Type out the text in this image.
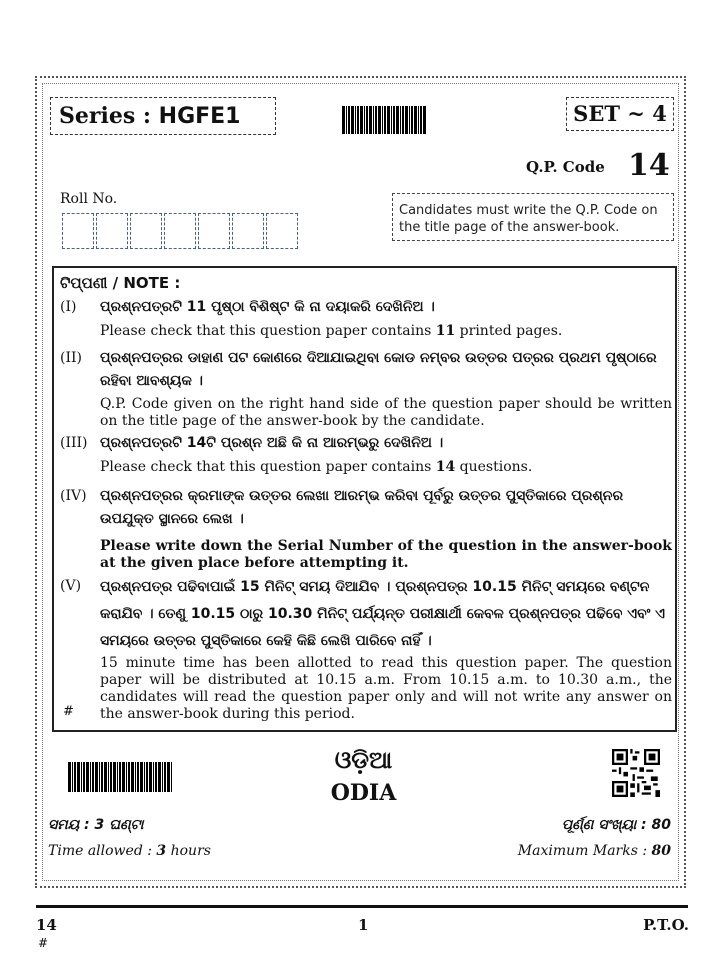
Series : HGFE1	SET ~ 4
Q.P. Code 14
Roll No.
Candidates must write the Q.P. Code on the title page of the answer-book.
ଟିପ୍ପଣୀ / NOTE :
(I) ପ୍ରଶ୍ନପତ୍ରଟି 11 ପୃଷ୍ଠା ବିଶିଷ୍ଟ କି ନା ଦୟାକରି ଦେଖିନିଅ ।
Please check that this question paper contains 11 printed pages.
(II) ପ୍ରଶ୍ନପତ୍ରର ଡାହାଣ ପଟ କୋଣରେ ଦିଆଯାଇଥିବା କୋଡ ନମ୍ବର ଉତ୍ତର ପତ୍ରର ପ୍ରଥମ ପୃଷ୍ଠାରେ ରହିବା ଆବଶ୍ୟକ ।
Q.P. Code given on the right hand side of the question paper should be written on the title page of the answer-book by the candidate.
(III) ପ୍ରଶ୍ନପତ୍ରଟି 14ଟି ପ୍ରଶ୍ନ ଅଛି କି ନା ଆରମ୍ଭରୁ ଦେଖିନିଅ ।
Please check that this question paper contains 14 questions.
(IV) ପ୍ରଶ୍ନପତ୍ରର କ୍ରମାଙ୍କ ଉତ୍ତର ଲେଖା ଆରମ୍ଭ କରିବା ପୂର୍ବରୁ ଉତ୍ତର ପୁସ୍ତିକାରେ ପ୍ରଶ୍ନର ଉପଯୁକ୍ତ ସ୍ଥାନରେ ଲେଖ ।
Please write down the Serial Number of the question in the answer-book at the given place before attempting it.
(V) ପ୍ରଶ୍ନପତ୍ର ପଢିବାପାଇଁ 15 ମିନିଟ୍ ସମୟ ଦିଆଯିବ । ପ୍ରଶ୍ନପତ୍ର 10.15 ମିନିଟ୍ ସମୟରେ ବଣ୍ଟନ କରାଯିବ । ତେଣୁ 10.15 ଠାରୁ 10.30 ମିନିଟ୍ ପର୍ଯ୍ୟନ୍ତ ପରୀକ୍ଷାର୍ଥୀ କେବଳ ପ୍ରଶ୍ନପତ୍ର ପଢିବେ ଏବଂ ଏ ସମୟରେ ଉତ୍ତର ପୁସ୍ତିକାରେ କେହି କିଛି ଲେଖି ପାରିବେ ନାହିଁ ।
15 minute time has been allotted to read this question paper. The question paper will be distributed at 10.15 a.m. From 10.15 a.m. to 10.30 a.m., the candidates will read the question paper only and will not write any answer on the answer-book during this period.
#
ଓଡ଼ିଆ
ODIA
ସମୟ : 3 ଘଣ୍ଟା	ପୂର୍ଣ୍ଣ ସଂଖ୍ୟା : 80
Time allowed : 3 hours	Maximum Marks : 80
14	1	P.T.O.
#
